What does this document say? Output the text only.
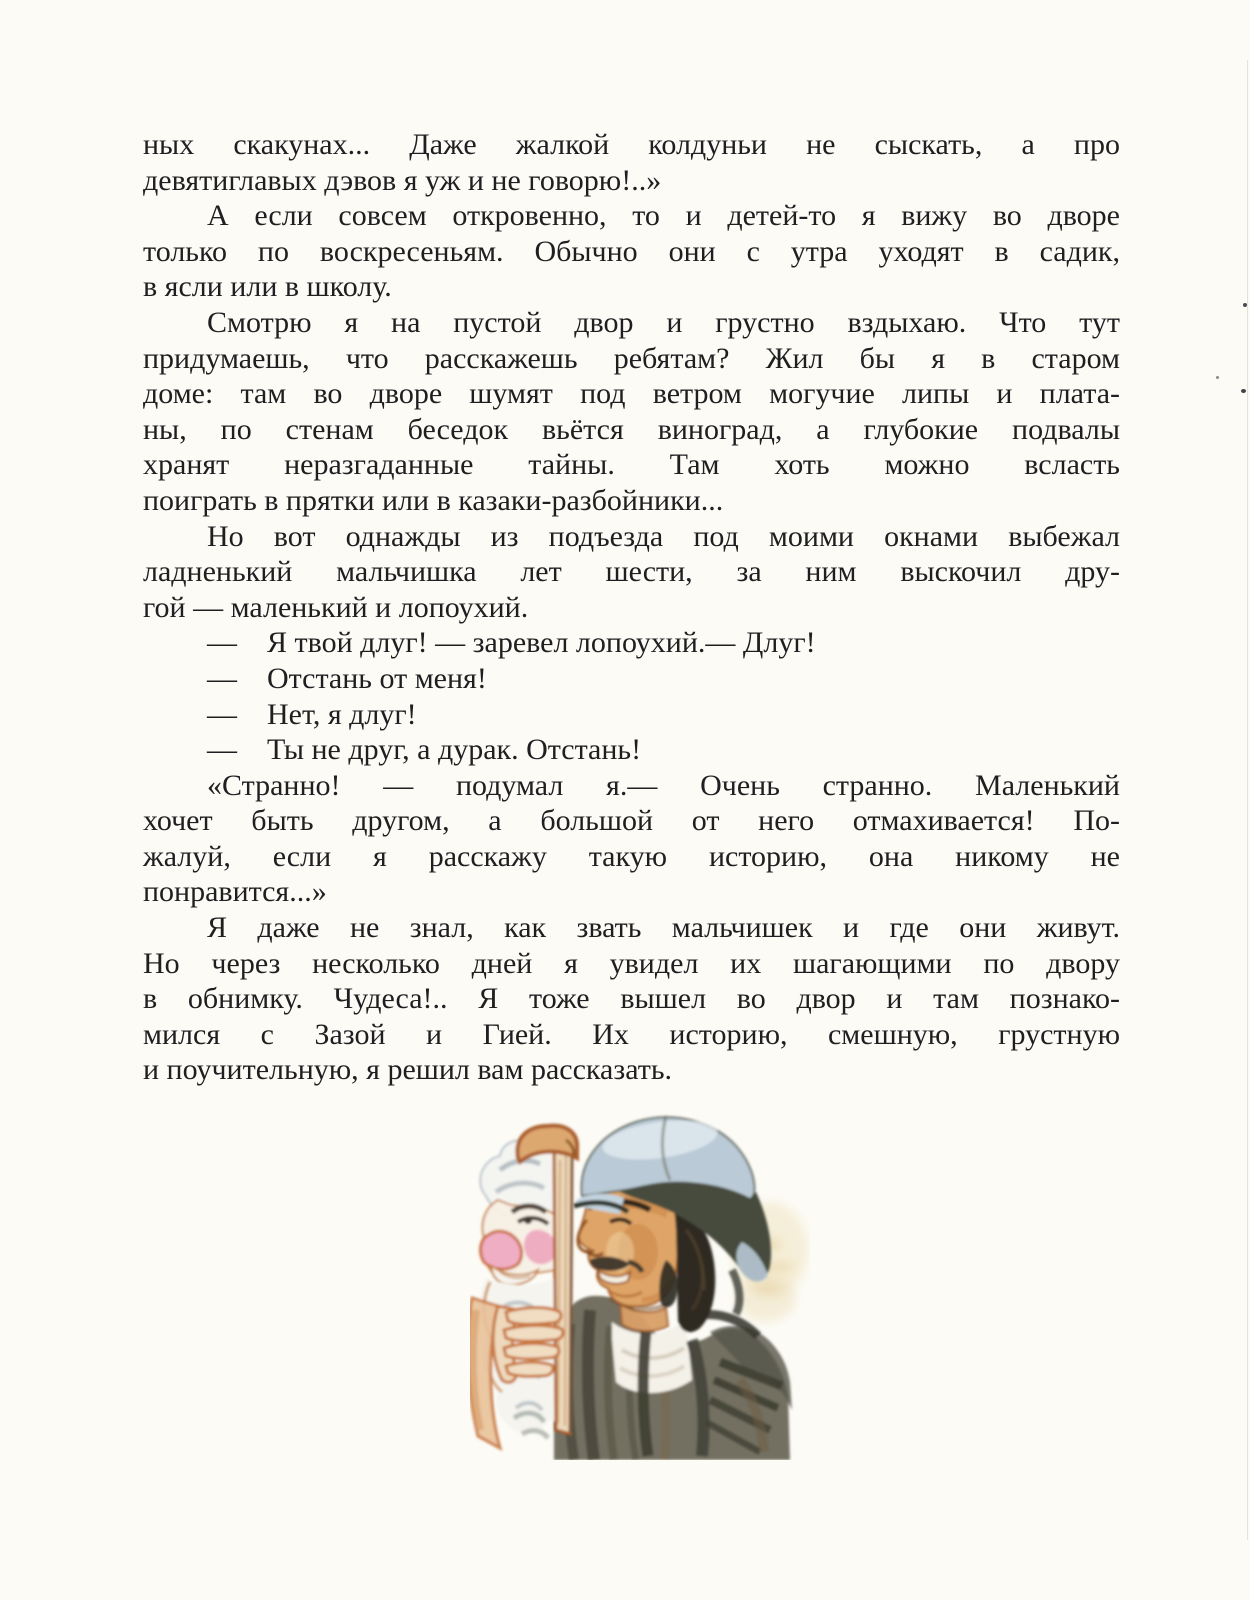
ных скакунах... Даже жалкой колдуньи не сыскать, а про
девятиглавых дэвов я уж и не говорю!..»
А если совсем откровенно, то и детей-то я вижу во дворе
только по воскресеньям. Обычно они с утра уходят в садик,
в ясли или в школу.
Смотрю я на пустой двор и грустно вздыхаю. Что тут
придумаешь, что расскажешь ребятам? Жил бы я в старом
доме: там во дворе шумят под ветром могучие липы и плата-
ны, по стенам беседок вьётся виноград, а глубокие подвалы
хранят неразгаданные тайны. Там хоть можно всласть
поиграть в прятки или в казаки-разбойники...
Но вот однажды из подъезда под моими окнами выбежал
ладненький мальчишка лет шести, за ним выскочил дру-
гой — маленький и лопоухий.
— Я твой длуг! — заревел лопоухий.— Длуг!
— Отстань от меня!
— Нет, я длуг!
— Ты не друг, а дурак. Отстань!
«Странно! — подумал я.— Очень странно. Маленький
хочет быть другом, а большой от него отмахивается! По-
жалуй, если я расскажу такую историю, она никому не
понравится...»
Я даже не знал, как звать мальчишек и где они живут.
Но через несколько дней я увидел их шагающими по двору
в обнимку. Чудеса!.. Я тоже вышел во двор и там познако-
мился с Зазой и Гией. Их историю, смешную, грустную
и поучительную, я решил вам рассказать.
